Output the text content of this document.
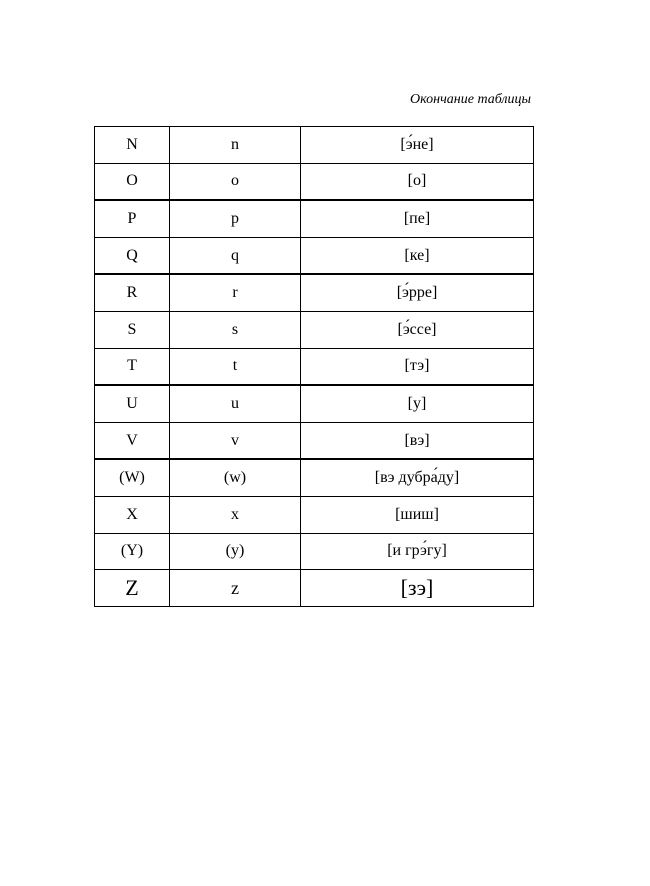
Окончание таблицы
N	n	[э́не]
O	o	[о]
P	p	[пе]
Q	q	[ке]
R	r	[э́рре]
S	s	[э́ссе]
T	t	[тэ]
U	u	[у]
V	v	[вэ]
(W)	(w)	[вэ дубра́ду]
X	x	[шиш]
(Y)	(y)	[и грэ́гу]
Z	z	[зэ]
